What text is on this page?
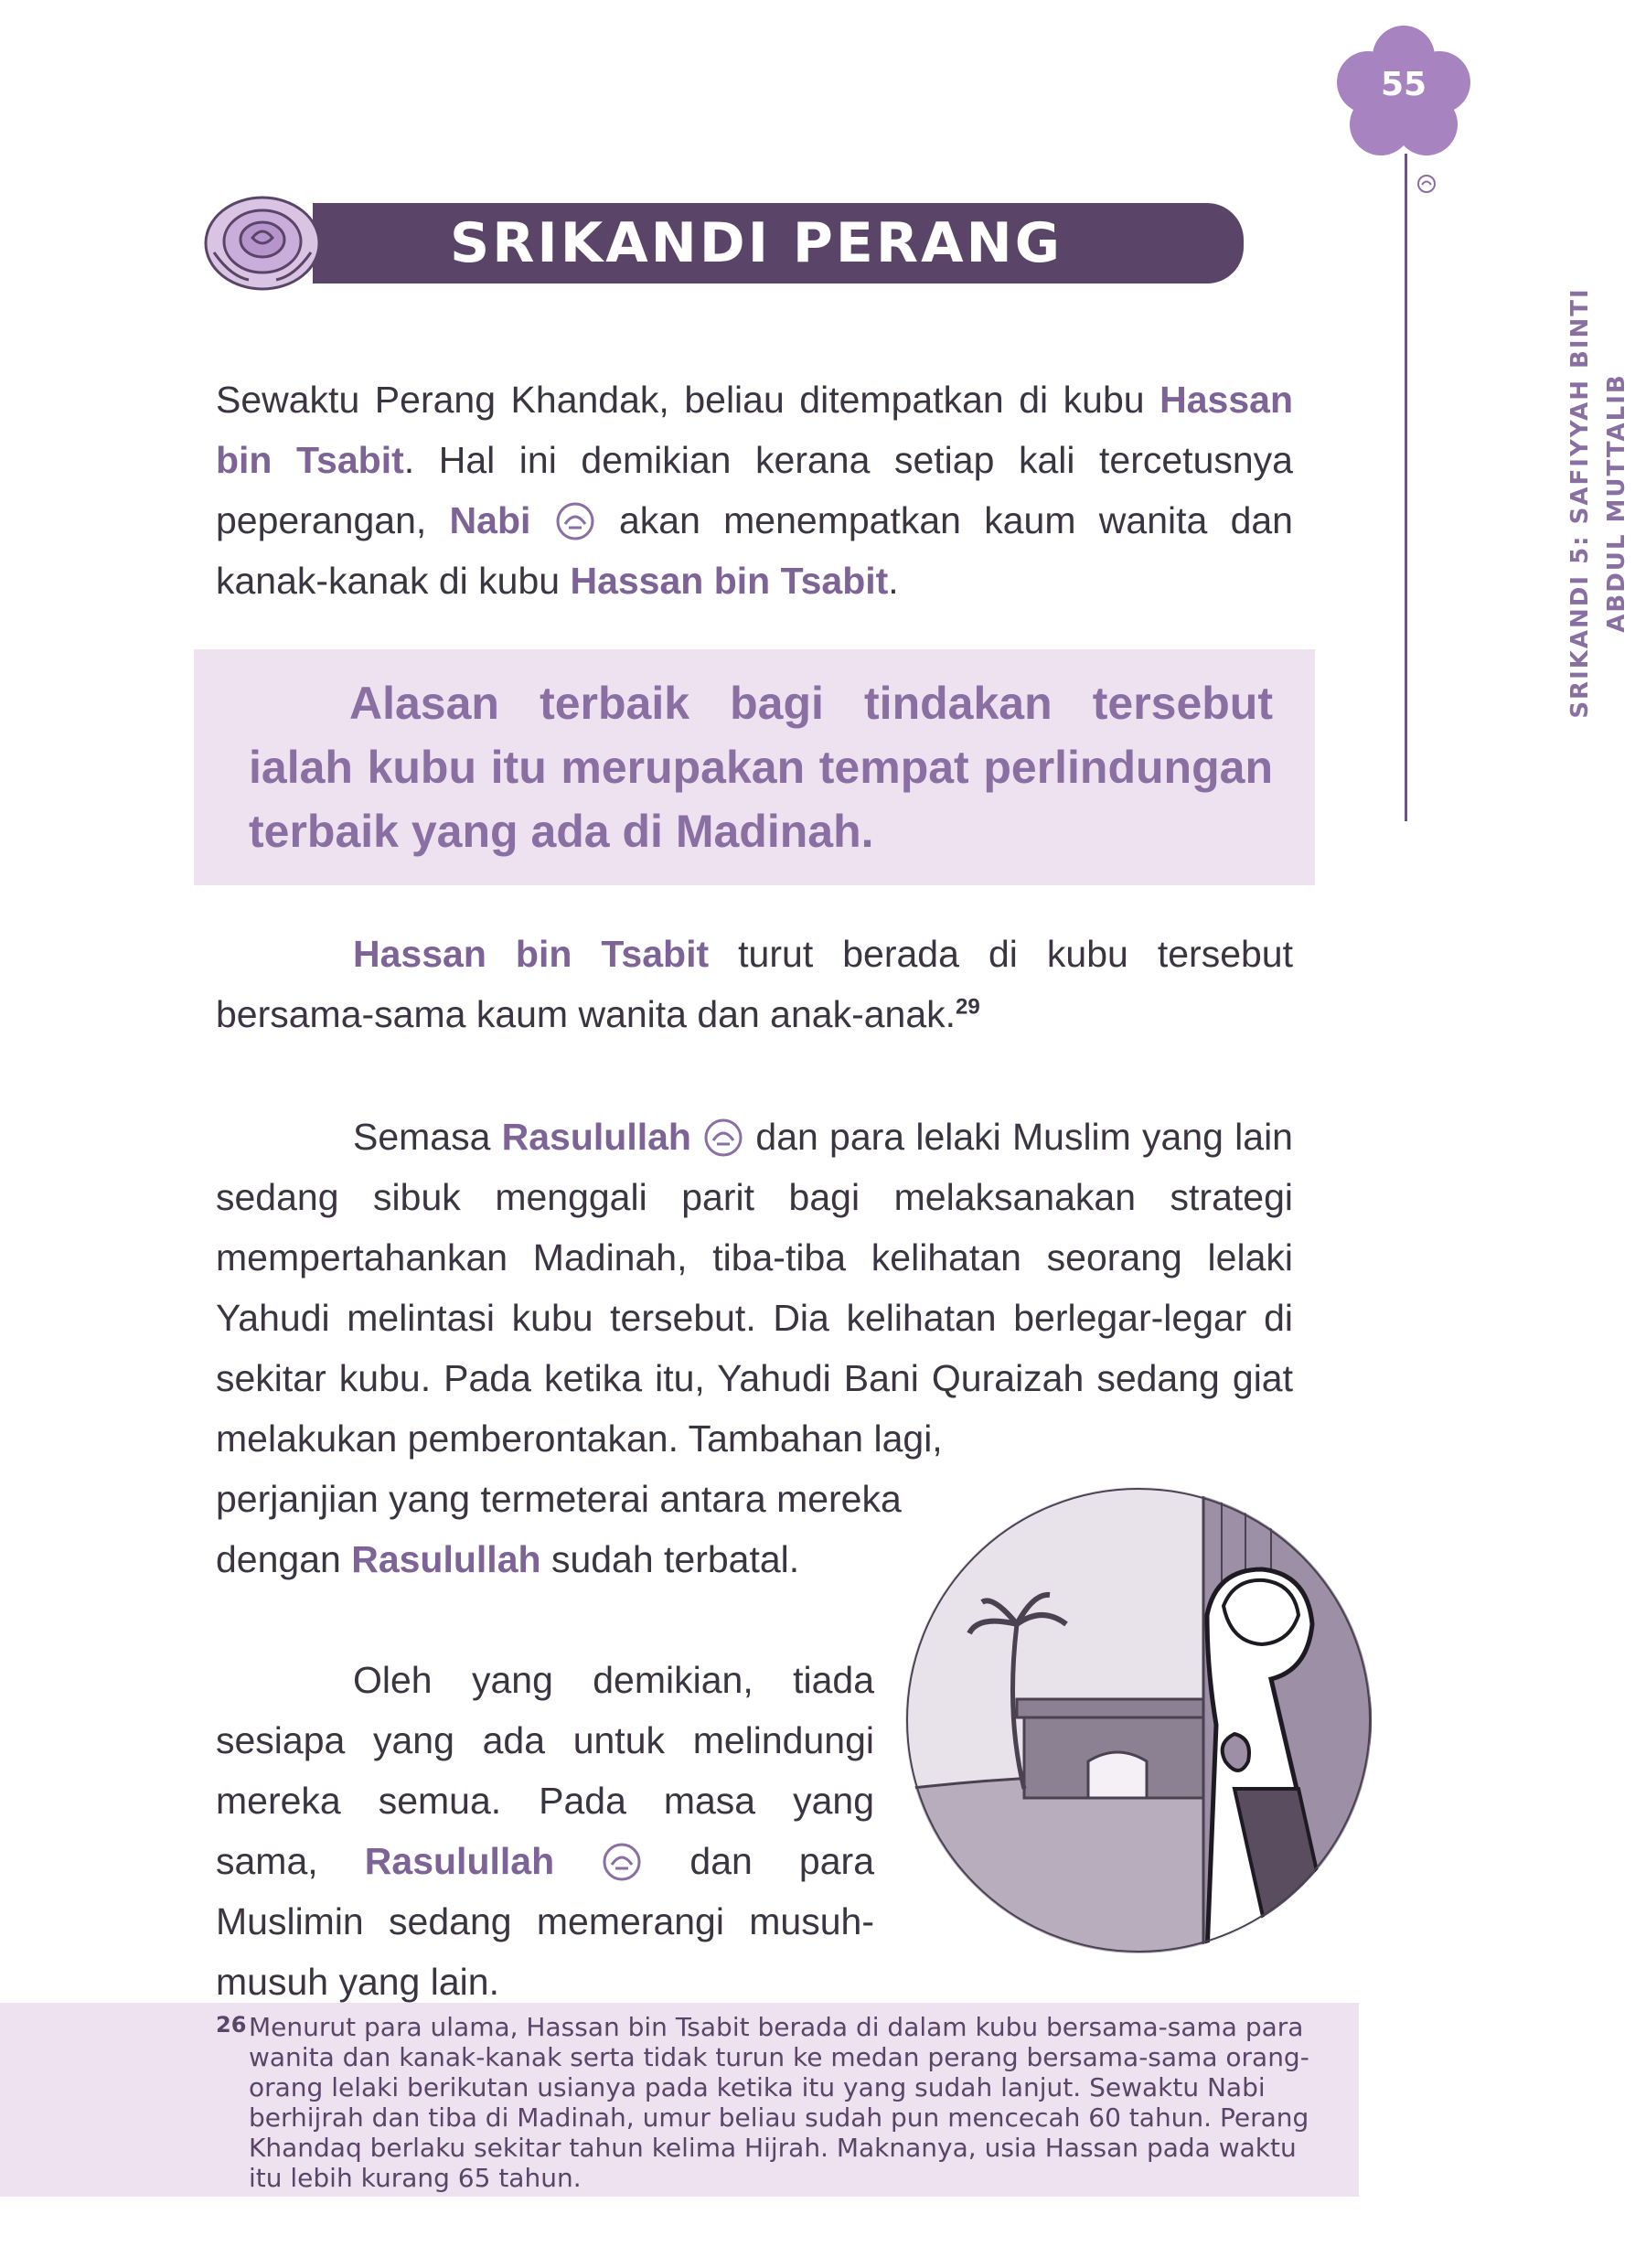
55
SRIKANDI 5: SAFIYYAH BINTI ABDUL MUTTALIB
SRIKANDI PERANG PERTAMA

Sewaktu Perang Khandak, beliau ditempatkan di kubu Hassan bin Tsabit. Hal ini demikian kerana setiap kali tercetusnya peperangan, Nabi  akan menempatkan kaum wanita dan kanak-kanak di kubu Hassan bin Tsabit.

Alasan terbaik bagi tindakan tersebut ialah kubu itu merupakan tempat perlindungan terbaik yang ada di Madinah.

Hassan bin Tsabit turut berada di kubu tersebut bersama-sama kaum wanita dan anak-anak.$^{29}$

Semasa Rasulullah  dan para lelaki Muslim yang lain sedang sibuk menggali parit bagi melaksanakan strategi mempertahankan Madinah, tiba-tiba kelihatan seorang lelaki Yahudi melintasi kubu tersebut. Dia kelihatan berlegar-legar di sekitar kubu. Pada ketika itu, Yahudi Bani Quraizah sedang giat melakukan pemberontakan. Tambahan lagi,

perjanjian yang termeterai antara mereka
dengan Rasulullah sudah terbatal.

Oleh yang demikian, tiada sesiapa yang ada untuk melindungi mereka semua. Pada masa yang sama, Rasulullah  dan para Muslimin sedang memerangi musuh-musuh yang lain.

26 Menurut para ulama, Hassan bin Tsabit berada di dalam kubu bersama-sama para wanita dan kanak-kanak serta tidak turun ke medan perang bersama-sama orang-orang lelaki berikutan usianya pada ketika itu yang sudah lanjut. Sewaktu Nabi berhijrah dan tiba di Madinah, umur beliau sudah pun mencecah 60 tahun. Perang Khandaq berlaku sekitar tahun kelima Hijrah. Maknanya, usia Hassan pada waktu itu lebih kurang 65 tahun.
